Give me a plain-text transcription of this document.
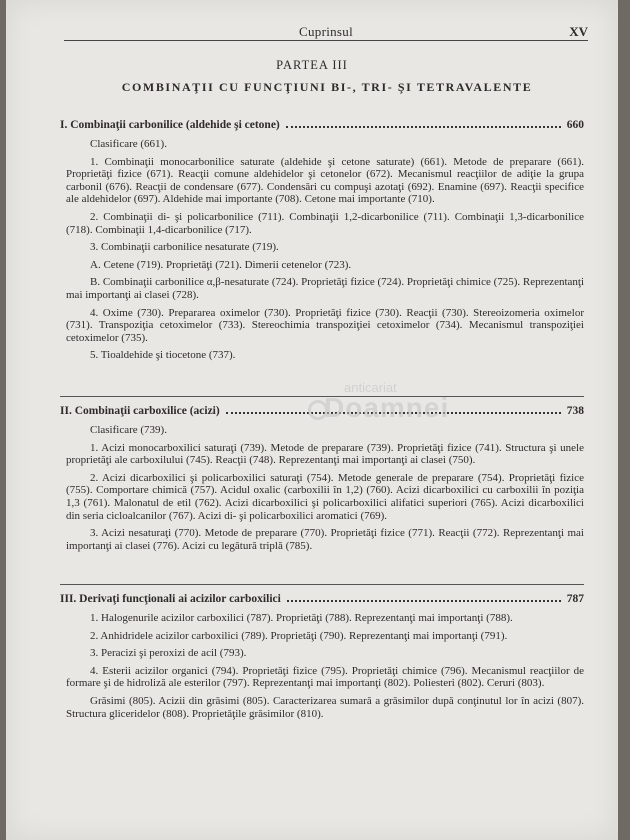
Cuprinsul	XV
PARTEA III
COMBINAŢII CU FUNCŢIUNI BI-, TRI- ŞI TETRAVALENTE
I. Combinaţii carbonilice (aldehide şi cetone)	660

Clasificare (661).

1. Combinaţii monocarbonilice saturate (aldehide şi cetone saturate) (661). Metode de preparare (661). Proprietăţi fizice (671). Reacţii comune aldehidelor şi cetonelor (672). Mecanismul reacţiilor de adiţie la grupa carbonil (676). Reacţii de condensare (677). Condensări cu compuşi azotaţi (692). Enamine (697). Reacţii specifice ale aldehidelor (697). Aldehide mai importante (708). Cetone mai importante (710).

2. Combinaţii di- şi policarbonilice (711). Combinaţii 1,2-dicarbonilice (711). Combinaţii 1,3-dicarbonilice (718). Combinaţii 1,4-dicarbonilice (717).

3. Combinaţii carbonilice nesaturate (719).

A. Cetene (719). Proprietăţi (721). Dimerii cetenelor (723).

B. Combinaţii carbonilice α,β-nesaturate (724). Proprietăţi fizice (724). Proprietăţi chimice (725). Reprezentanţi mai importanţi ai clasei (728).

4. Oxime (730). Prepararea oximelor (730). Proprietăţi fizice (730). Reacţii (730). Stereoizomeria oximelor (731). Transpoziţia cetoximelor (733). Stereochimia transpoziţiei cetoximelor (734). Mecanismul transpoziţiei cetoximelor (735).

5. Tioaldehide şi tiocetone (737).

II. Combinaţii carboxilice (acizi)	738

Clasificare (739).

1. Acizi monocarboxilici saturaţi (739). Metode de preparare (739). Proprietăţi fizice (741). Structura şi unele proprietăţi ale carboxilului (745). Reacţii (748). Reprezentanţi mai importanţi ai clasei (750).

2. Acizi dicarboxilici şi policarboxilici saturaţi (754). Metode generale de preparare (754). Proprietăţi fizice (755). Comportare chimică (757). Acidul oxalic (carboxilii în 1,2) (760). Acizi dicarboxilici cu carboxilii în poziţia 1,3 (761). Malonatul de etil (762). Acizi dicarboxilici şi policarboxilici alifatici superiori (765). Acizi dicarboxilici din seria cicloalcanilor (767). Acizi di- şi policarboxilici aromatici (769).

3. Acizi nesaturaţi (770). Metode de preparare (770). Proprietăţi fizice (771). Reacţii (772). Reprezentanţi mai importanţi ai clasei (776). Acizi cu legătură triplă (785).

III. Derivaţi funcţionali ai acizilor carboxilici	787

1. Halogenurile acizilor carboxilici (787). Proprietăţi (788). Reprezentanţi mai importanţi (788).

2. Anhidridele acizilor carboxilici (789). Proprietăţi (790). Reprezentanţi mai importanţi (791).

3. Peracizi şi peroxizi de acil (793).

4. Esterii acizilor organici (794). Proprietăţi fizice (795). Proprietăţi chimice (796). Mecanismul reacţiilor de formare şi de hidroliză ale esterilor (797). Reprezentanţi mai importanţi (802). Poliesteri (802). Ceruri (803).

Grăsimi (805). Acizii din grăsimi (805). Caracterizarea sumară a grăsimilor după conţinutul lor în acizi (807). Structura gliceridelor (808). Proprietăţile grăsimilor (810).

anticariat
Doamnei
